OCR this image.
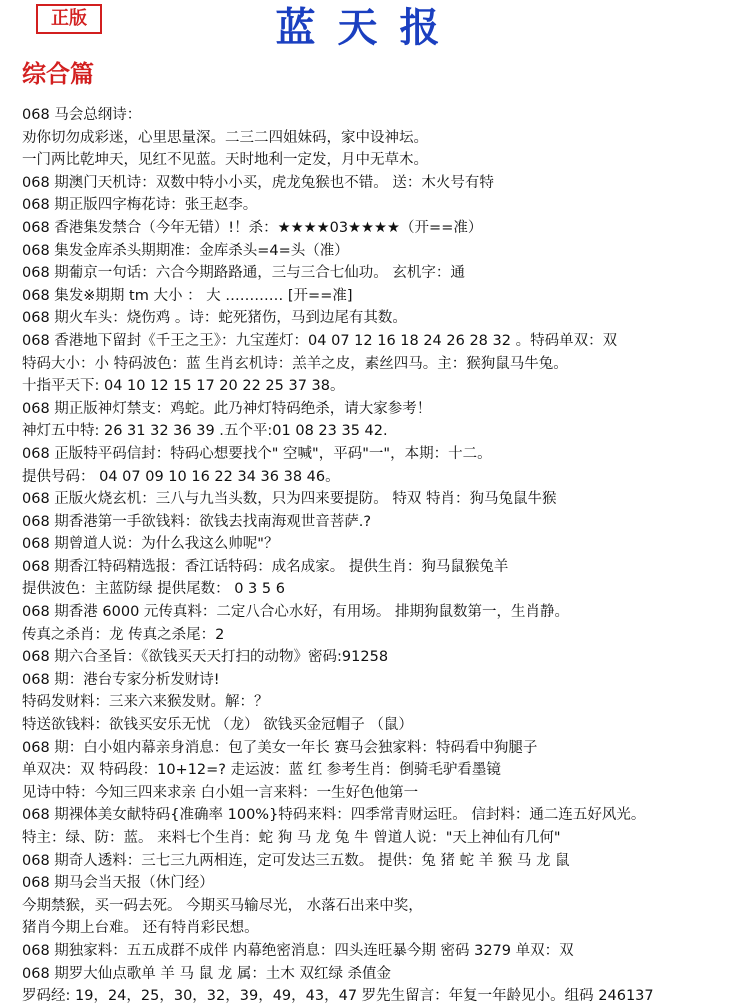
正版	蓝天报
综合篇
068 马会总纲诗：
劝你切勿成彩迷，心里思量深。二三二四姐妹码，家中设神坛。
一门两比乾坤天，见红不见蓝。天时地利一定发，月中无草木。
068 期澳门天机诗：双数中特小小买，虎龙兔猴也不错。 送：木火号有特
068 期正版四字梅花诗：张王赵李。
068 香港集发禁合（今年无错）!！杀：★★★★03★★★★（开==准）
068 集发金库杀头期期准：金库杀头=4=头（准）
068 期葡京一句话：六合今期路路通，三与三合七仙功。 玄机字：通
068 集发※期期 tm 大小 ： 大 ………… [开==准]
068 期火车头：烧伤鸡 。诗：蛇死猪伤，马到边尾有其数。
068 香港地下留封《千王之王》：九宝莲灯：04 07 12 16 18 24 26 28 32 。特码单双：双
特码大小：小 特码波色：蓝 生肖玄机诗：羔羊之皮，素丝四马。主：猴狗鼠马牛兔。
十指平天下: 04 10 12 15 17 20 22 25 37 38。
068 期正版神灯禁支：鸡蛇。此乃神灯特码绝杀，请大家参考！
神灯五中特: 26 31 32 36 39 .五个平:01 08 23 35 42.
068 正版特平码信封：特码心想要找个" 空喊"，平码"一"，本期：十二。
提供号码： 04 07 09 10 16 22 34 36 38 46。
068 正版火烧玄机：三八与九当头数，只为四来要提防。 特双 特肖：狗马兔鼠牛猴
068 期香港第一手欲钱料：欲钱去找南海观世音菩萨.?
068 期曾道人说：为什么我这么帅呢"？
068 期香江特码精选报：香江话特码：成名成家。 提供生肖：狗马鼠猴兔羊
提供波色：主蓝防绿 提供尾数： 0 3 5 6
068 期香港 6000 元传真料：二定八合心水好，有用场。 排期狗鼠数第一，生肖静。
传真之杀肖：龙 传真之杀尾：2
068 期六合圣旨：《欲钱买天天打扫的动物》密码:91258
068 期：港台专家分析发财诗!
特码发财料：三来六来猴发财。解：？
特送欲钱料：欲钱买安乐无忧 （龙） 欲钱买金冠帽子 （鼠）
068 期：白小姐内幕亲身消息：包了美女一年长 赛马会独家料：特码看中狗腿子
单双决：双 特码段：10+12=? 走运波：蓝 红 参考生肖：倒骑毛驴看墨镜
见诗中特：今知三四来求亲 白小姐一言来料：一生好色他第一
068 期裸体美女献特码{准确率 100%}特码来料：四季常青财运旺。 信封料：通二连五好风光。
特主：绿、防：蓝。 来料七个生肖：蛇 狗 马 龙 兔 牛 曾道人说："天上神仙有几何"
068 期奇人透料：三七三九两相连，定可发达三五数。 提供：兔 猪 蛇 羊 猴 马 龙 鼠
068 期马会当天报（休门经）
今期禁猴，买一码去死。 今期买马输尽光， 水落石出来中奖，
猪肖今期上台难。 还有特肖彩民想。
068 期独家料：五五成群不成伴 内幕绝密消息：四头连旺暴今期 密码 3279 单双：双
068 期罗大仙点歌单 羊 马 鼠 龙 属：土木 双红绿 杀值金
罗码经: 19，24，25，30，32，39，49，43，47 罗先生留言：年复一年龄见小。组码 246137
